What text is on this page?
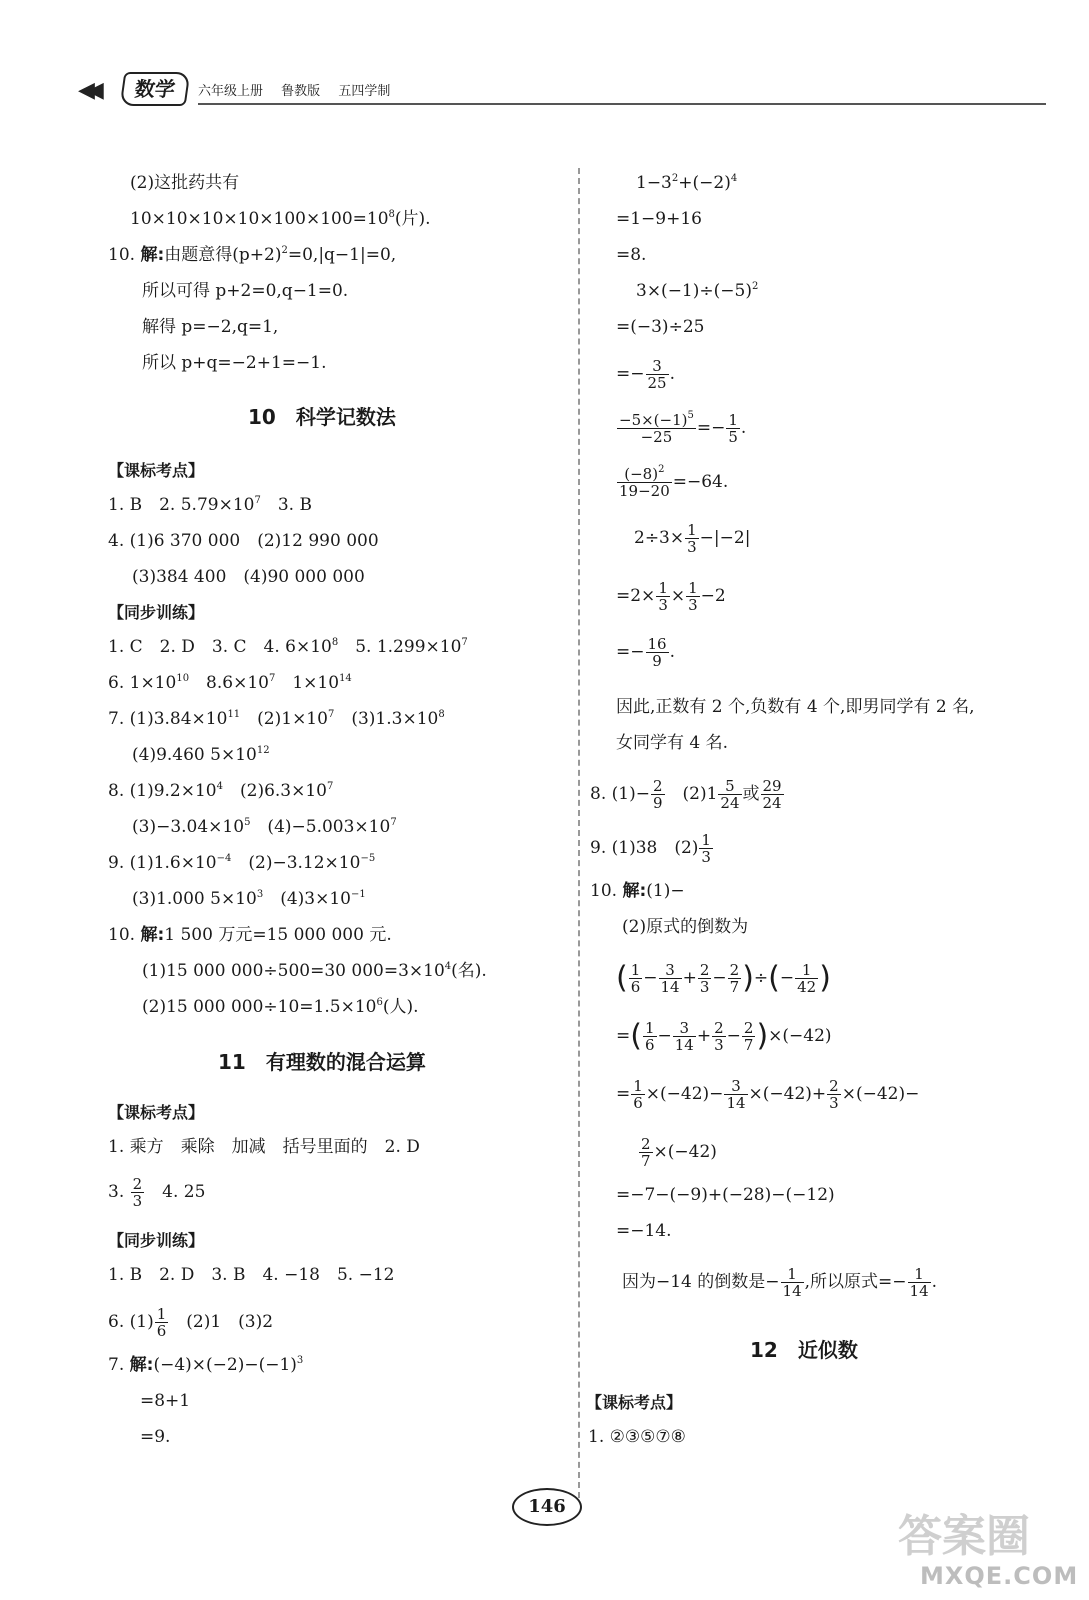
◀◀	数学	六年级上册 鲁教版 五四学制
(2)这批药共有
$10\times 10\times 10\times 10\times 100\times 100=10^8$(片).
10. 解:由题意得$(p+2)^2=0,|q-1|=0$,
所以可得 p+2=0,q−1=0.
解得 p=−2,q=1,
所以 p+q=−2+1=−1.
10　科学记数法
【课标考点】
1. B　2. $5.79\times 10^7$　3. B
4. (1)6 370 000　(2)12 990 000
(3)384 400　(4)90 000 000
【同步训练】
1. C　2. D　3. C　4. $6\times 10^8$　5. $1.299\times 10^7$
6. $1\times 10^{10}$　$8.6\times 10^7$　$1\times 10^{14}$
7. $(1)3.84\times 10^{11}$　$(2)1\times 10^7$　$(3)1.3\times 10^8$
(4)9.460 $5\times 10^{12}$
8. $(1)9.2\times 10^4$　$(2)6.3\times 10^7$
$(3)-3.04\times 10^5$　$(4)-5.003\times 10^7$
9. $(1)1.6\times 10^{-4}$　$(2)-3.12\times 10^{-5}$
(3)1.000 $5\times 10^3$　$(4)3\times 10^{-1}$
10. 解:1 500 万元=15 000 000 元.
(1)15 000 000÷500=30 $000=3\times 10^4$(名).
(2)15 000 $000\div 10=1.5\times 10^6$(人).
11　有理数的混合运算
【课标考点】
1. 乘方　乘除　加减　括号里面的　2. D
3. $\frac{2}{3}$ 　4. 25
【同步训练】
1. B　2. D　3. B　4. −18　5. −12
6. $(1) \frac{1}{6}$ 　(2)1　(3)2
7. 解$:(-4)\times(-2)-(-1)^3$
=8+1
=9.
$1-3^2+(-2)^4$
=1−9+16
=8.
$3\times(-1)\div(-5)^2$
=(−3)÷25
=− $\frac{3}{25}$ .
$\frac{-5\times(-1)^5}{-25} =- \frac{1}{5}$ .
$\frac{(-8)^2}{19-20} =-64$.
$2\div 3\times \frac{1}{3} -|-2|$
$=2\times \frac{1}{3} \times \frac{1}{3} -2$
=− $\frac{16}{9}$ .
因此,正数有 2 个,负数有 4 个,即男同学有 2 名,
女同学有 4 名.
8. $(1)- \frac{2}{9}$ 　$(2)1 \frac{5}{24}$ 或 $\frac{29}{24}$
9. (1)38　$(2) \frac{1}{3}$
10. 解:(1)−
(2)原式的倒数为
( $\frac{1}{6} - \frac{3}{14} + \frac{2}{3} - \frac{2}{7}$ )÷(− $\frac{1}{42}$ )
=( $\frac{1}{6} - \frac{3}{14} + \frac{2}{3} - \frac{2}{7} )\times(-42)$
= $\frac{1}{6} \times(-42)- \frac{3}{14} \times(-42)+ \frac{2}{3} \times(-42)-$
$\frac{2}{7} \times(-42)$
=−7−(−9)+(−28)−(−12)
=−14.
因为−14 的倒数是− $\frac{1}{14}$ ,所以原式=− $\frac{1}{14}$ .
12　近似数
【课标考点】
1. ②③⑤⑦⑧
146
答案圈
MXQE.COM
